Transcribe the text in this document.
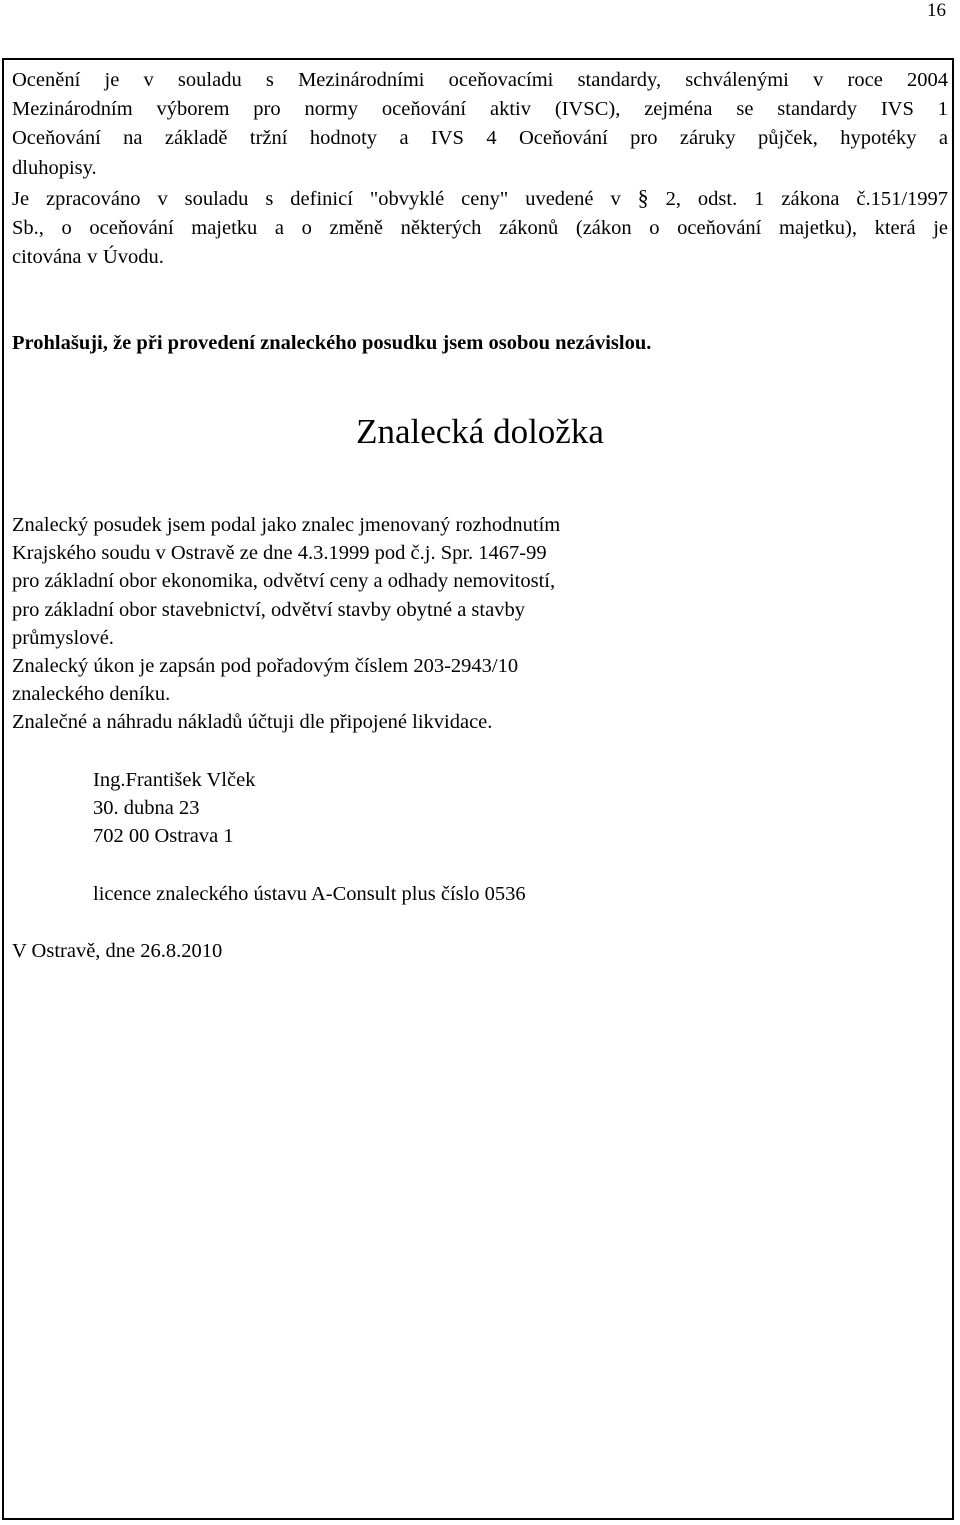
16

Ocenění je v souladu s Mezinárodními oceňovacími standardy, schválenými v roce 2004
Mezinárodním výborem pro normy oceňování aktiv (IVSC), zejména se standardy IVS 1
Oceňování na základě tržní hodnoty a IVS 4 Oceňování pro záruky půjček, hypotéky a
dluhopisy.
Je zpracováno v souladu s definicí "obvyklé ceny" uvedené v § 2, odst. 1 zákona č.151/1997
Sb., o oceňování majetku a o změně některých zákonů (zákon o oceňování majetku), která je
citována v Úvodu.

Prohlašuji, že při provedení znaleckého posudku jsem osobou nezávislou.
Znalecká doložka
Znalecký posudek jsem podal jako znalec jmenovaný rozhodnutím
Krajského soudu v Ostravě ze dne 4.3.1999 pod č.j. Spr. 1467-99
pro základní obor ekonomika, odvětví ceny a odhady nemovitostí,
pro základní obor stavebnictví, odvětví stavby obytné a stavby
průmyslové.
Znalecký úkon je zapsán pod pořadovým číslem 203-2943/10
znaleckého deníku.
Znalečné a náhradu nákladů účtuji dle připojené likvidace.
Ing.František Vlček
30. dubna 23
702 00 Ostrava 1
licence znaleckého ústavu A-Consult plus číslo 0536
V Ostravě, dne 26.8.2010
